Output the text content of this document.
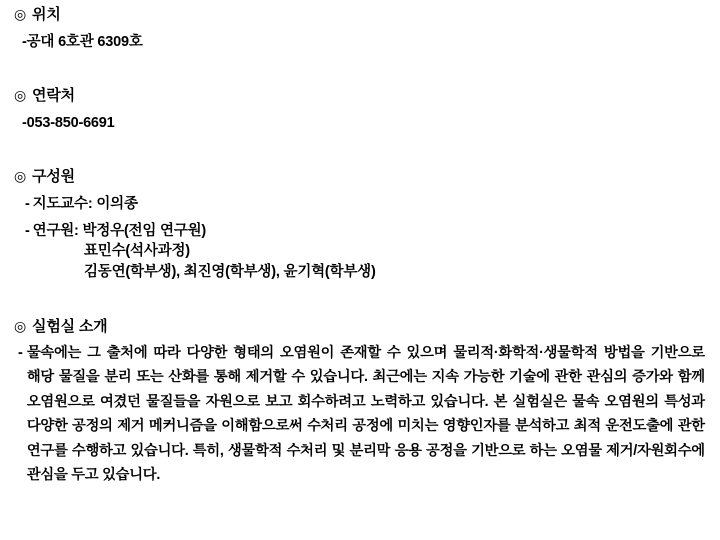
◎ 위치
-공대 6호관 6309호
◎ 연락처
-053-850-6691
◎ 구성원
- 지도교수: 이의종
- 연구원: 박정우(전임 연구원)
표민수(석사과정)
김동연(학부생), 최진영(학부생), 윤기혁(학부생)
◎ 실험실 소개
- 물속에는 그 출처에 따라 다양한 형태의 오염원이 존재할 수 있으며 물리적·화학적·생물학적 방법을 기반으로 해당 물질을 분리 또는 산화를 통해 제거할 수 있습니다. 최근에는 지속 가능한 기술에 관한 관심의 증가와 함께 오염원으로 여겼던 물질들을 자원으로 보고 회수하려고 노력하고 있습니다. 본 실험실은 물속 오염원의 특성과 다양한 공정의 제거 메커니즘을 이해함으로써 수처리 공정에 미치는 영향인자를 분석하고 최적 운전도출에 관한 연구를 수행하고 있습니다. 특히, 생물학적 수처리 및 분리막 응용 공정을 기반으로 하는 오염물 제거/자원회수에 관심을 두고 있습니다.
